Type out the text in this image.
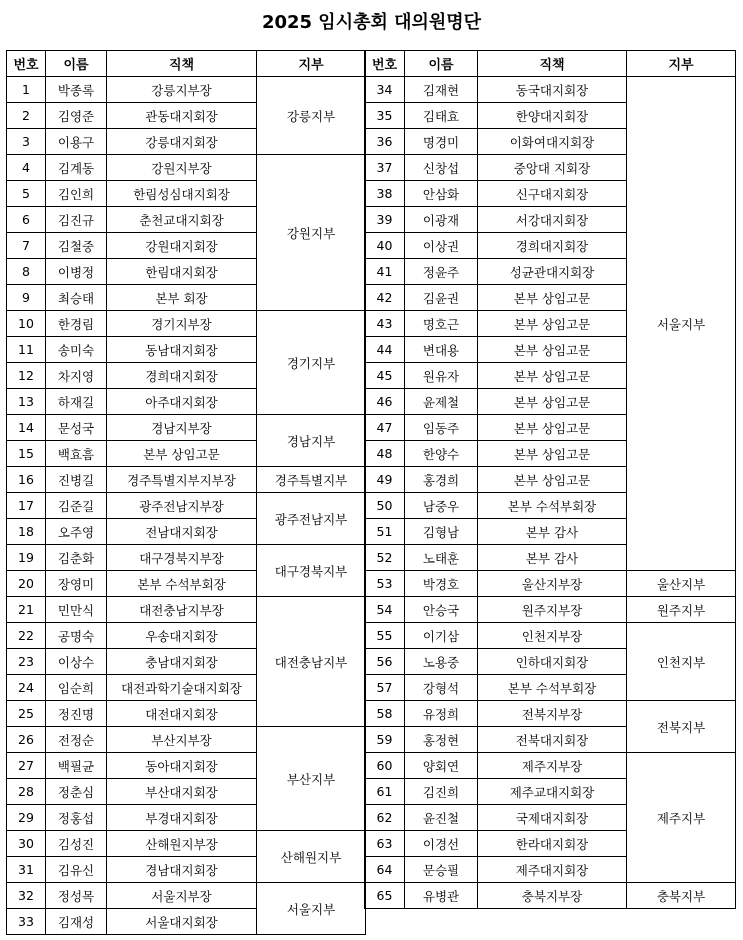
2025 임시총회 대의원명단
번호	이름	직책	지부
1	박종록	강릉지부장	강릉지부
2	김영준	관동대지회장	
3	이용구	강릉대지회장	
4	김계동	강원지부장	강원지부
5	김인희	한림성심대지회장	
6	김진규	춘천교대지회장	
7	김철중	강원대지회장	
8	이병정	한림대지회장	
9	최승태	본부 회장	
10	한경림	경기지부장	경기지부
11	송미숙	동남대지회장	
12	차지영	경희대지회장	
13	하재길	아주대지회장	
14	문성국	경남지부장	경남지부
15	백효흠	본부 상임고문	
16	진병길	경주특별지부지부장	경주특별지부
17	김준길	광주전남지부장	광주전남지부
18	오주영	전남대지회장	
19	김춘화	대구경북지부장	대구경북지부
20	장영미	본부 수석부회장	
21	민만식	대전충남지부장	대전충남지부
22	공명숙	우송대지회장	
23	이상수	충남대지회장	
24	임순희	대전과학기술대지회장	
25	정진명	대전대지회장	
26	전정순	부산지부장	부산지부
27	백필균	동아대지회장	
28	정춘심	부산대지회장	
29	정홍섭	부경대지회장	
30	김성진	산해원지부장	산해원지부
31	김유신	경남대지회장	
32	정성목	서울지부장	서울지부
33	김재성	서울대지회장	
번호	이름	직책	지부
34	김재현	동국대지회장	서울지부
35	김태효	한양대지회장	
36	명경미	이화여대지회장	
37	신창섭	중앙대 지회장	
38	안삼화	신구대지회장	
39	이광재	서강대지회장	
40	이상권	경희대지회장	
41	정윤주	성균관대지회장	
42	김윤권	본부 상임고문	
43	명호근	본부 상임고문	
44	변대용	본부 상임고문	
45	원유자	본부 상임고문	
46	윤제철	본부 상임고문	
47	임동주	본부 상임고문	
48	한양수	본부 상임고문	
49	홍경희	본부 상임고문	
50	남중우	본부 수석부회장	
51	김형남	본부 감사	
52	노태훈	본부 감사	
53	박경호	울산지부장	울산지부
54	안승국	원주지부장	원주지부
55	이기삼	인천지부장	인천지부
56	노용중	인하대지회장	
57	강형석	본부 수석부회장	
58	유정희	전북지부장	전북지부
59	홍정현	전북대지회장	
60	양회연	제주지부장	제주지부
61	김진희	제주교대지회장	
62	윤진철	국제대지회장	
63	이경선	한라대지회장	
64	문승필	제주대지회장	
65	유병관	충북지부장	충북지부
